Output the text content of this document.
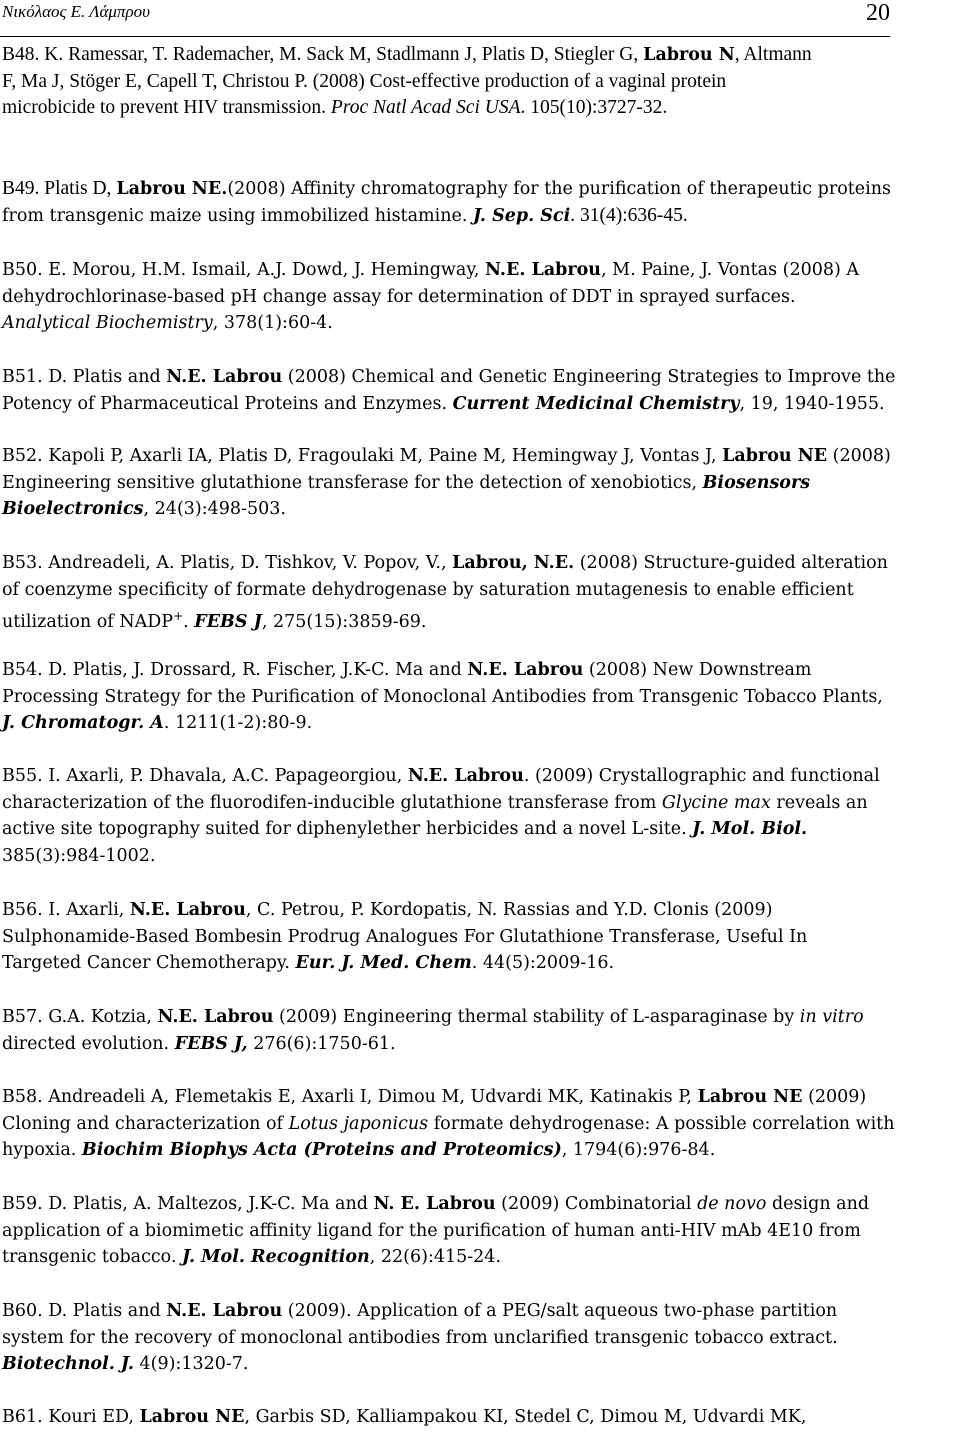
Νικόλαος Ε. Λάμπρου	20
B48. K. Ramessar, T. Rademacher, M. Sack M, Stadlmann J, Platis D, Stiegler G, Labrou N, Altmann
F, Ma J, Stöger E, Capell T, Christou P. (2008) Cost-effective production of a vaginal protein
microbicide to prevent HIV transmission. Proc Natl Acad Sci USA. 105(10):3727-32.
B49. Platis D, Labrou NE.(2008) Affinity chromatography for the purification of therapeutic proteins
from transgenic maize using immobilized histamine. J. Sep. Sci. 31(4):636-45.
B50. E. Morou, H.M. Ismail, A.J. Dowd, J. Hemingway, N.E. Labrou, M. Paine, J. Vontas (2008) A
dehydrochlorinase-based pH change assay for determination of DDT in sprayed surfaces.
Analytical Biochemistry, 378(1):60-4.
B51. D. Platis and N.E. Labrou (2008) Chemical and Genetic Engineering Strategies to Improve the
Potency of Pharmaceutical Proteins and Enzymes. Current Medicinal Chemistry, 19, 1940-1955.
B52. Kapoli P, Axarli IA, Platis D, Fragoulaki M, Paine M, Hemingway J, Vontas J, Labrou NE (2008)
Engineering sensitive glutathione transferase for the detection of xenobiotics, Biosensors
Bioelectronics, 24(3):498-503.
B53. Andreadeli, A. Platis, D. Tishkov, V. Popov, V., Labrou, N.E. (2008) Structure-guided alteration
of coenzyme specificity of formate dehydrogenase by saturation mutagenesis to enable efficient
utilization of NADP+. FEBS J, 275(15):3859-69.
B54. D. Platis, J. Drossard, R. Fischer, J.K-C. Ma and N.E. Labrou (2008) New Downstream
Processing Strategy for the Purification of Monoclonal Antibodies from Transgenic Tobacco Plants,
J. Chromatogr. A. 1211(1-2):80-9.
B55. I. Axarli, P. Dhavala, A.C. Papageorgiou, N.E. Labrou. (2009) Crystallographic and functional
characterization of the fluorodifen-inducible glutathione transferase from Glycine max reveals an
active site topography suited for diphenylether herbicides and a novel L-site. J. Mol. Biol.
385(3):984-1002.
B56. I. Axarli, N.E. Labrou, C. Petrou, P. Kordopatis, N. Rassias and Y.D. Clonis (2009)
Sulphonamide-Based Bombesin Prodrug Analogues For Glutathione Transferase, Useful In
Targeted Cancer Chemotherapy. Eur. J. Med. Chem. 44(5):2009-16.
B57. G.A. Kotzia, N.E. Labrou (2009) Engineering thermal stability of L-asparaginase by in vitro
directed evolution. FEBS J, 276(6):1750-61.
B58. Andreadeli A, Flemetakis E, Axarli I, Dimou M, Udvardi MK, Katinakis P, Labrou NE (2009)
Cloning and characterization of Lotus japonicus formate dehydrogenase: A possible correlation with
hypoxia. Biochim Biophys Acta (Proteins and Proteomics), 1794(6):976-84.
B59. D. Platis, A. Maltezos, J.K-C. Ma and N. E. Labrou (2009) Combinatorial de novo design and
application of a biomimetic affinity ligand for the purification of human anti-HIV mAb 4E10 from
transgenic tobacco. J. Mol. Recognition, 22(6):415-24.
B60. D. Platis and N.E. Labrou (2009). Application of a PEG/salt aqueous two-phase partition
system for the recovery of monoclonal antibodies from unclarified transgenic tobacco extract.
Biotechnol. J. 4(9):1320-7.
B61. Kouri ED, Labrou NE, Garbis SD, Kalliampakou KI, Stedel C, Dimou M, Udvardi MK,
